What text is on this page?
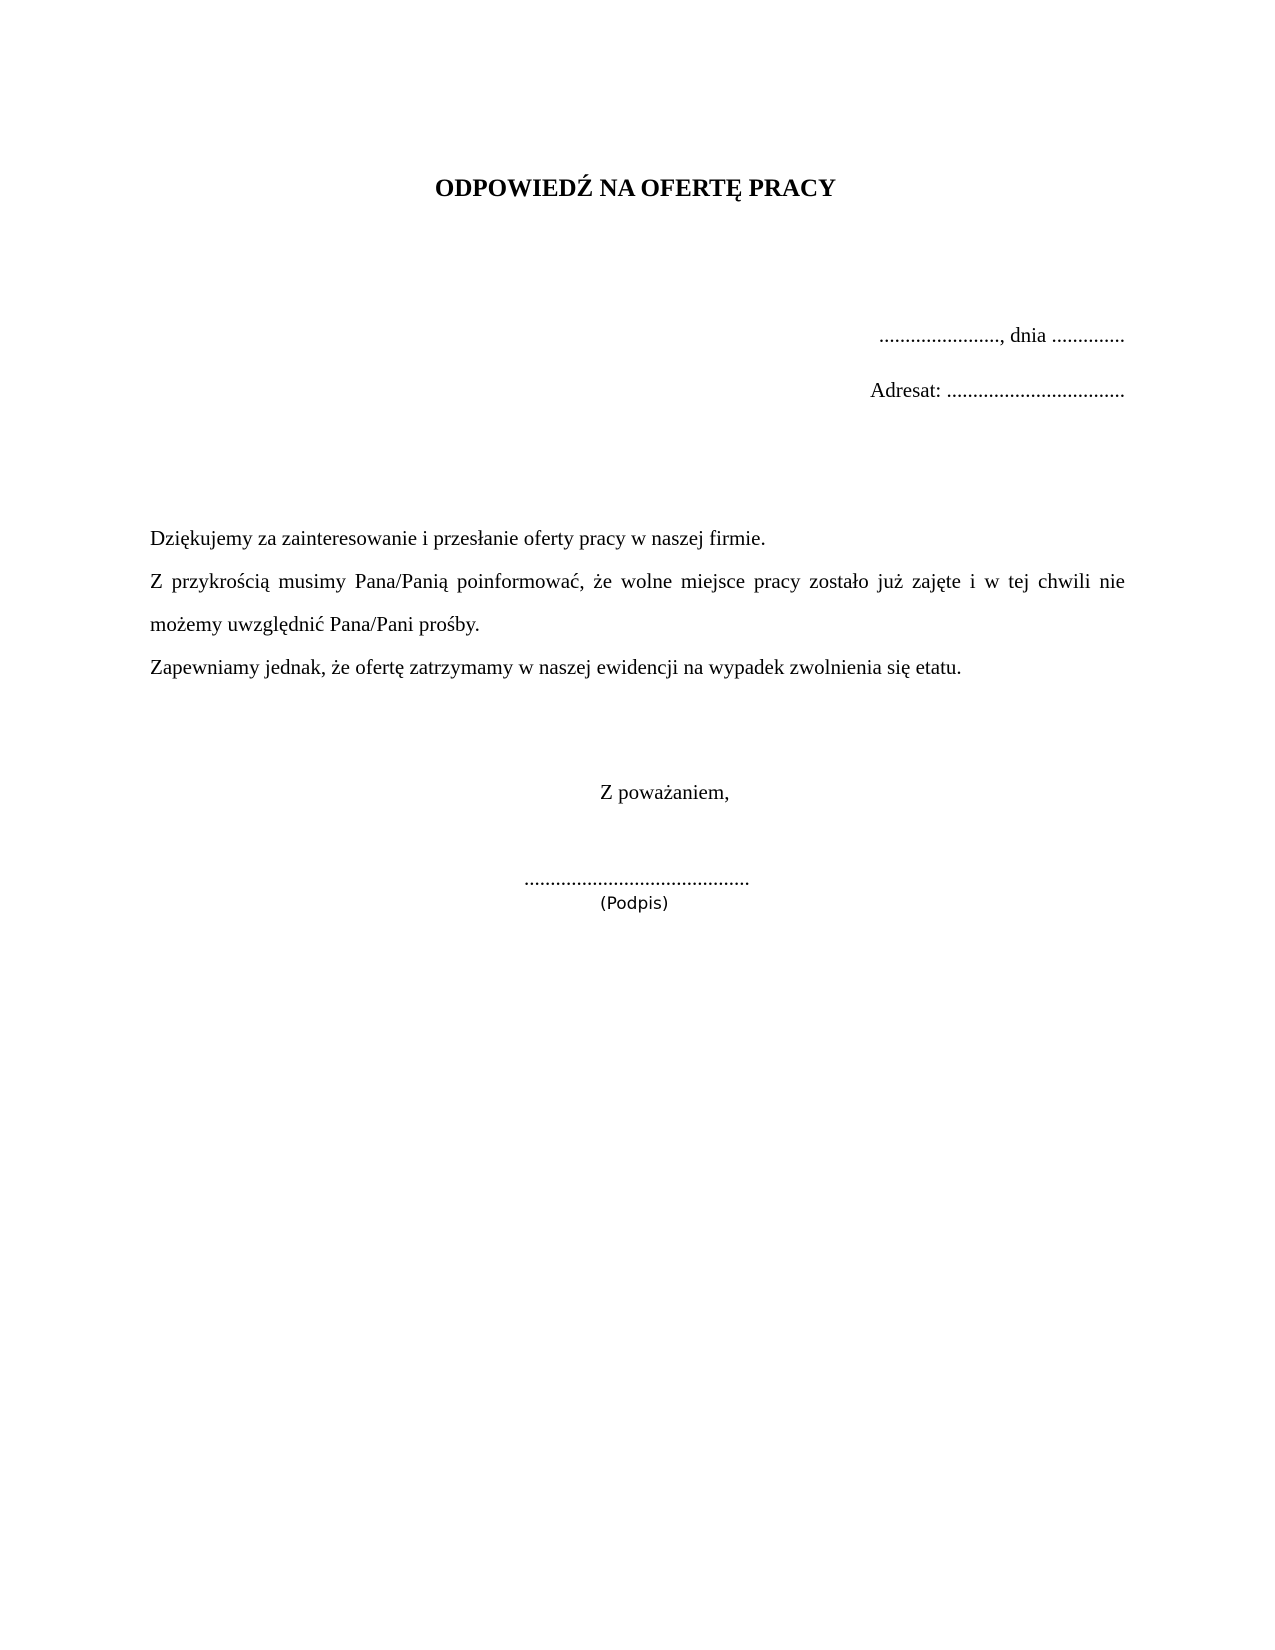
ODPOWIEDŹ NA OFERTĘ PRACY
......................., dnia ..............
Adresat: ..................................

Dziękujemy za zainteresowanie i przesłanie oferty pracy w naszej firmie.

Z przykrością musimy Pana/Panią poinformować, że wolne miejsce pracy zostało już zajęte i w tej chwili nie możemy uwzględnić Pana/Pani prośby.

Zapewniamy jednak, że ofertę zatrzymamy w naszej ewidencji na wypadek zwolnienia się etatu.

Z poważaniem,
...........................................
(Podpis)
